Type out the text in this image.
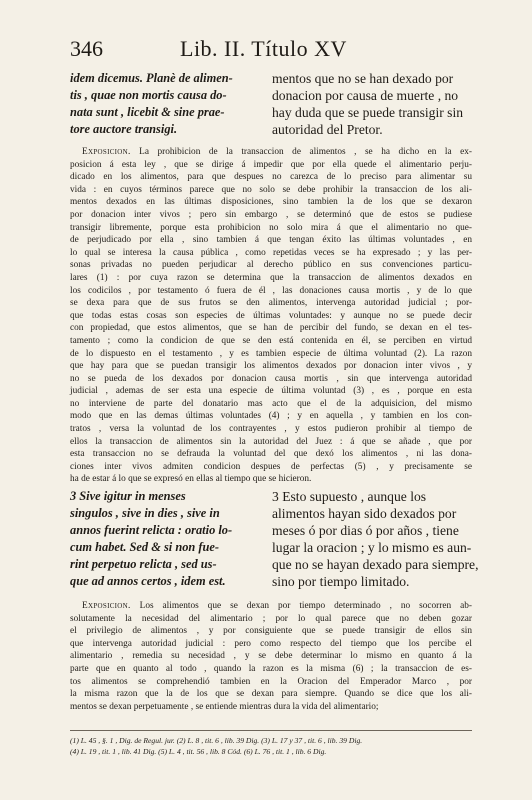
346	Lib. II. Título XV
idem dicemus. Planè de alimen-
tis , quae non mortis causa do-
nata sunt , licebit & sine prae-
tore auctore transigi.
mentos que no se han dexado por
donacion por causa de muerte , no
hay duda que se puede transigir sin
autoridad del Pretor.
Exposicion. La prohibicion de la transaccion de alimentos , se ha dicho en la ex-
posicion á esta ley , que se dirige á impedir que por ella quede el alimentario perju-
dicado en los alimentos, para que despues no carezca de lo preciso para alimentar su
vida : en cuyos términos parece que no solo se debe prohibir la transaccion de los ali-
mentos dexados en las últimas disposiciones, sino tambien la de los que se dexaron
por donacion inter vivos ; pero sin embargo , se determinó que de estos se pudiese
transigir libremente, porque esta prohibicion no solo mira á que el alimentario no que-
de perjudicado por ella , sino tambien á que tengan éxito las últimas voluntades , en
lo qual se interesa la causa pública , como repetidas veces se ha expresado ; y las per-
sonas privadas no pueden perjudicar al derecho público en sus convenciones particu-
lares (1) : por cuya razon se determina que la transaccion de alimentos dexados en
los codicilos , por testamento ó fuera de él , las donaciones causa mortis , y de lo que
se dexa para que de sus frutos se den alimentos, intervenga autoridad judicial ; por-
que todas estas cosas son especies de últimas voluntades: y aunque no se puede decir
con propiedad, que estos alimentos, que se han de percibir del fundo, se dexan en el tes-
tamento ; como la condicion de que se den está contenida en él, se perciben en virtud
de lo dispuesto en el testamento , y es tambien especie de última voluntad (2). La razon
que hay para que se puedan transigir los alimentos dexados por donacion inter vivos , y
no se pueda de los dexados por donacion causa mortis , sin que intervenga autoridad
judicial , ademas de ser esta una especie de última voluntad (3) , es , porque en esta
no interviene de parte del donatario mas acto que el de la adquisicion, del mismo
modo que en las demas últimas voluntades (4) ; y en aquella , y tambien en los con-
tratos , versa la voluntad de los contrayentes , y estos pudieron prohibir al tiempo de
ellos la transaccion de alimentos sin la autoridad del Juez : á que se añade , que por
esta transaccion no se defrauda la voluntad del que dexó los alimentos , ni las dona-
ciones inter vivos admiten condicion despues de perfectas (5) , y precisamente se
ha de estar á lo que se expresó en ellas al tiempo que se hicieron.
3 Sive igitur in menses
singulos , sive in dies , sive in
annos fuerint relicta : oratio lo-
cum habet. Sed & si non fue-
rint perpetuo relicta , sed us-
que ad annos certos , idem est.
3 Esto supuesto , aunque los
alimentos hayan sido dexados por
meses ó por dias ó por años , tiene
lugar la oracion ; y lo mismo es aun-
que no se hayan dexado para siempre,
sino por tiempo limitado.
Exposicion. Los alimentos que se dexan por tiempo determinado , no socorren ab-
solutamente la necesidad del alimentario ; por lo qual parece que no deben gozar
el privilegio de alimentos , y por consiguiente que se puede transigir de ellos sin
que intervenga autoridad judicial : pero como respecto del tiempo que los percibe el
alimentario , remedia su necesidad , y se debe determinar lo mismo en quanto á la
parte que en quanto al todo , quando la razon es la misma (6) ; la transaccion de es-
tos alimentos se comprehendió tambien en la Oracion del Emperador Marco , por
la misma razon que la de los que se dexan para siempre. Quando se dice que los ali-
mentos se dexan perpetuamente , se entiende mientras dura la vida del alimentario;
(1) L. 45 , §. 1 , Dig. de Regul. jur. (2) L. 8 , tit. 6 , lib. 39 Dig. (3) L. 17 y 37 , tit. 6 , lib. 39 Dig.
(4) L. 19 , tit. 1 , lib. 41 Dig. (5) L. 4 , tit. 56 , lib. 8 Cód. (6) L. 76 , tit. 1 , lib. 6 Dig.
